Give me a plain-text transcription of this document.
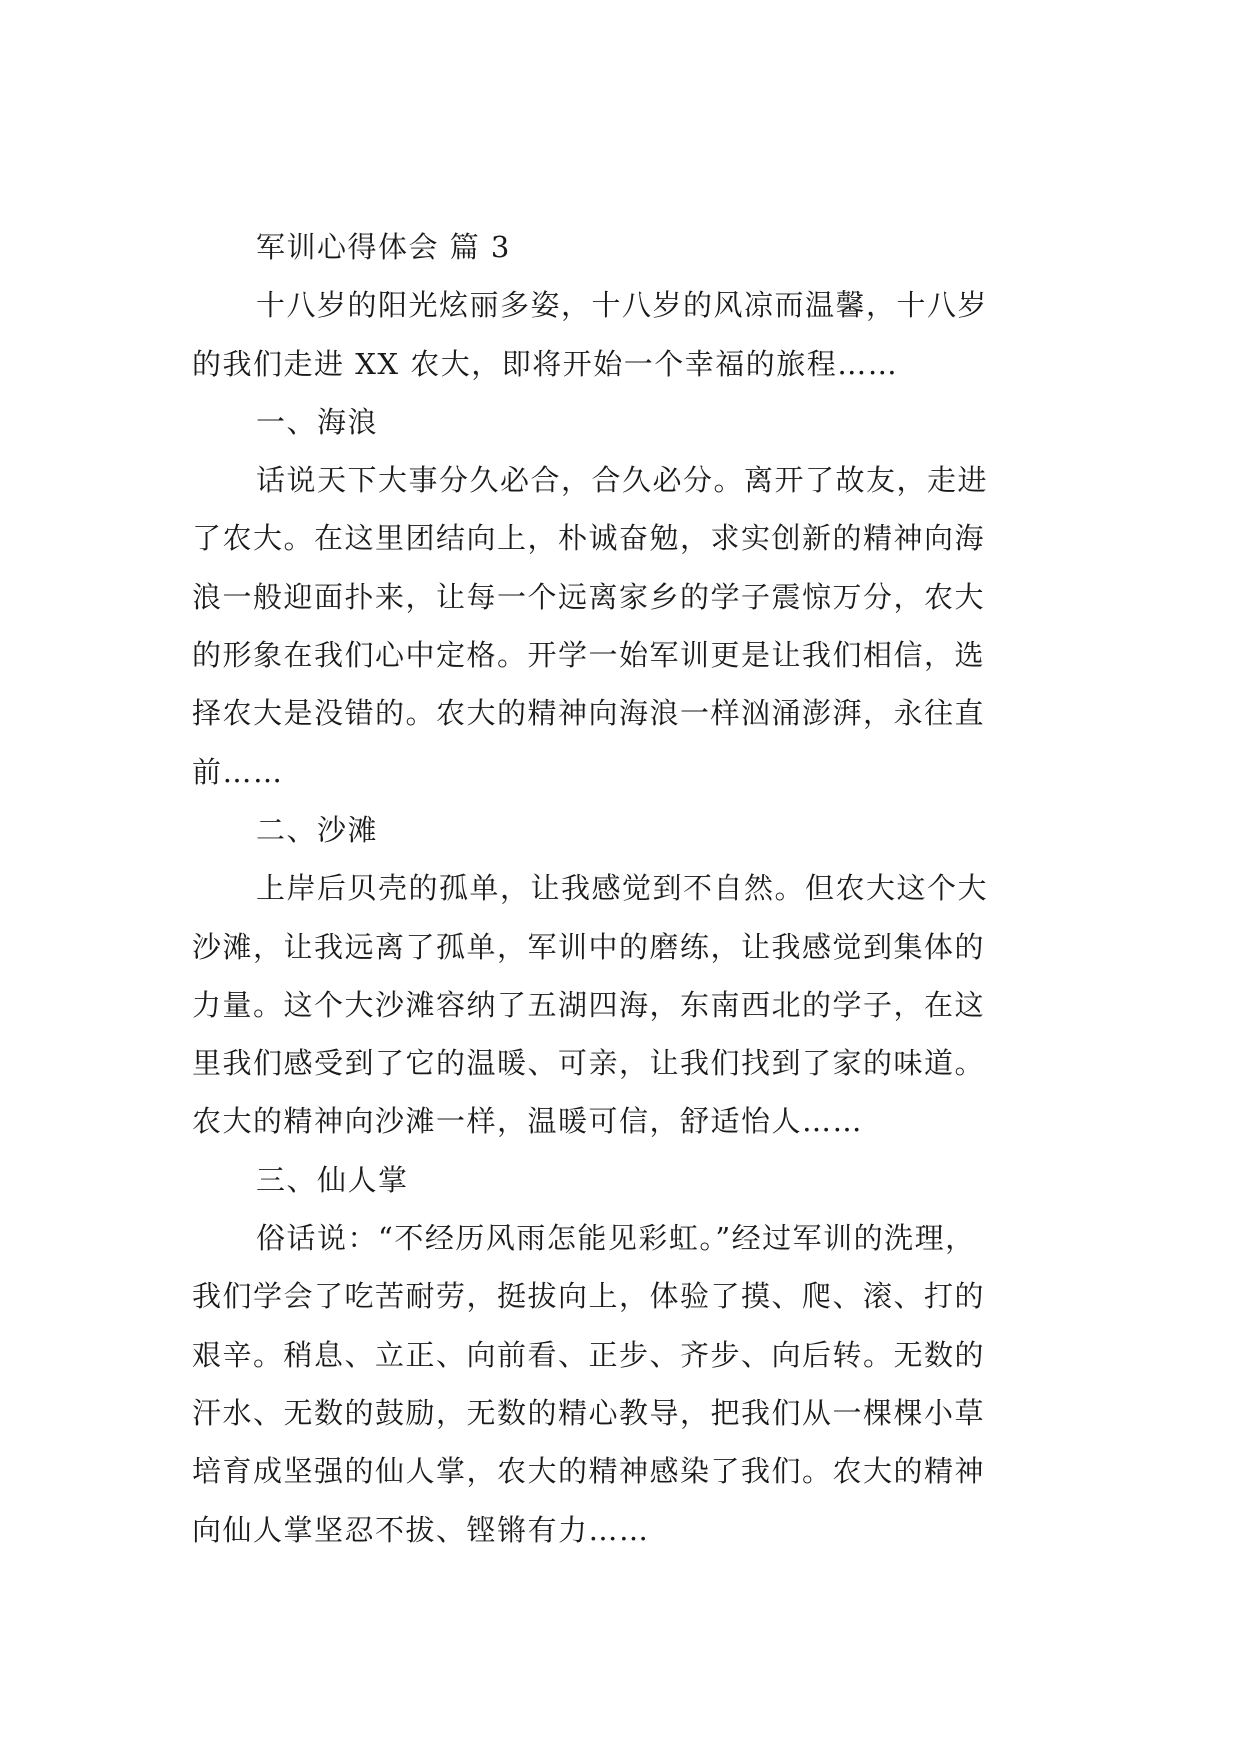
军训心得体会 篇 3
十八岁的阳光炫丽多姿，十八岁的风凉而温馨，十八岁
的我们走进 XX 农大，即将开始一个幸福的旅程……
一、海浪
话说天下大事分久必合，合久必分。离开了故友，走进
了农大。在这里团结向上，朴诚奋勉，求实创新的精神向海
浪一般迎面扑来，让每一个远离家乡的学子震惊万分，农大
的形象在我们心中定格。开学一始军训更是让我们相信，选
择农大是没错的。农大的精神向海浪一样汹涌澎湃，永往直
前……
二、沙滩
上岸后贝壳的孤单，让我感觉到不自然。但农大这个大
沙滩，让我远离了孤单，军训中的磨练，让我感觉到集体的
力量。这个大沙滩容纳了五湖四海，东南西北的学子，在这
里我们感受到了它的温暖、可亲，让我们找到了家的味道。
农大的精神向沙滩一样，温暖可信，舒适怡人……
三、仙人掌
俗话说：“不经历风雨怎能见彩虹。”经过军训的洗理，
我们学会了吃苦耐劳，挺拔向上，体验了摸、爬、滚、打的
艰辛。稍息、立正、向前看、正步、齐步、向后转。无数的
汗水、无数的鼓励，无数的精心教导，把我们从一棵棵小草
培育成坚强的仙人掌，农大的精神感染了我们。农大的精神
向仙人掌坚忍不拔、铿锵有力……
